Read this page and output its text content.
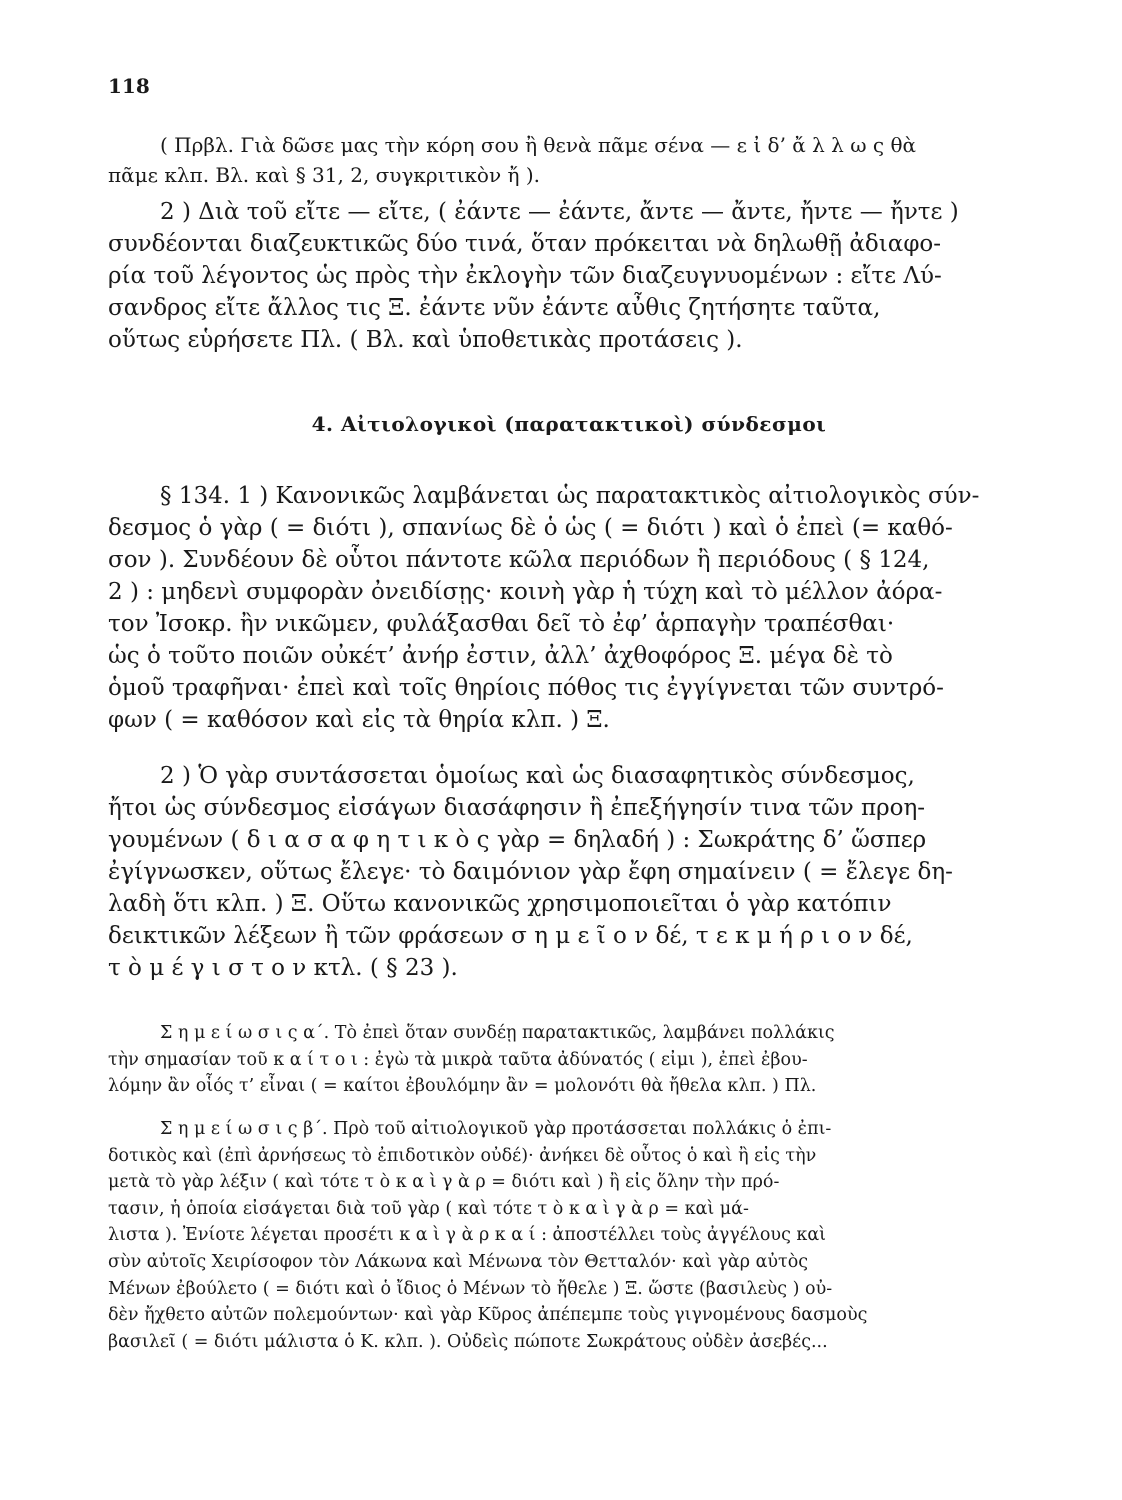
118
( Πρβλ. Γιὰ δῶσε μας τὴν κόρη σου ἢ θενὰ πᾶμε σένα — ε ἰ δ’ ἄ λ λ ω ς θὰ
πᾶμε κλπ. Βλ. καὶ § 31, 2, συγκριτικὸν ἤ ).
2 ) Διὰ τοῦ εἴτε — εἴτε, ( ἐάντε — ἐάντε, ἄντε — ἄντε, ἤντε — ἤντε )
συνδέονται διαζευκτικῶς δύο τινά, ὅταν πρόκειται νὰ δηλωθῇ ἀδιαφο-
ρία τοῦ λέγοντος ὡς πρὸς τὴν ἐκλογὴν τῶν διαζευγνυομένων : εἴτε Λύ-
σανδρος εἴτε ἄλλος τις Ξ. ἐάντε νῦν ἐάντε αὖθις ζητήσητε ταῦτα,
οὕτως εὑρήσετε Πλ. ( Βλ. καὶ ὑποθετικὰς προτάσεις ).
4. Αἰτιολογικοὶ (παρατακτικοὶ) σύνδεσμοι
§ 134. 1 ) Κανονικῶς λαμβάνεται ὡς παρατακτικὸς αἰτιολογικὸς σύν-
δεσμος ὁ γὰρ ( = διότι ), σπανίως δὲ ὁ ὡς ( = διότι ) καὶ ὁ ἐπεὶ (= καθό-
σον ). Συνδέουν δὲ οὗτοι πάντοτε κῶλα περιόδων ἢ περιόδους ( § 124,
2 ) : μηδενὶ συμφορὰν ὀνειδίσῃς· κοινὴ γὰρ ἡ τύχη καὶ τὸ μέλλον ἀόρα-
τον Ἰσοκρ. ἢν νικῶμεν, φυλάξασθαι δεῖ τὸ ἐφ’ ἁρπαγὴν τραπέσθαι·
ὡς ὁ τοῦτο ποιῶν οὐκέτ’ ἀνήρ ἐστιν, ἀλλ’ ἀχθοφόρος Ξ. μέγα δὲ τὸ
ὁμοῦ τραφῆναι· ἐπεὶ καὶ τοῖς θηρίοις πόθος τις ἐγγίγνεται τῶν συντρό-
φων ( = καθόσον καὶ εἰς τὰ θηρία κλπ. ) Ξ.
2 ) Ὁ γὰρ συντάσσεται ὁμοίως καὶ ὡς διασαφητικὸς σύνδεσμος,
ἤτοι ὡς σύνδεσμος εἰσάγων διασάφησιν ἢ ἐπεξήγησίν τινα τῶν προη-
γουμένων ( δ ι α σ α φ η τ ι κ ὸ ς γὰρ = δηλαδή ) : Σωκράτης δ’ ὥσπερ
ἐγίγνωσκεν, οὕτως ἔλεγε· τὸ δαιμόνιον γὰρ ἔφη σημαίνειν ( = ἔλεγε δη-
λαδὴ ὅτι κλπ. ) Ξ. Οὕτω κανονικῶς χρησιμοποιεῖται ὁ γὰρ κατόπιν
δεικτικῶν λέξεων ἢ τῶν φράσεων σ η μ ε ῖ ο ν δέ, τ ε κ μ ή ρ ι ο ν δέ,
τ ὸ μ έ γ ι σ τ ο ν κτλ. ( § 23 ).
Σ η μ ε ί ω σ ι ς α΄. Τὸ ἐπεὶ ὅταν συνδέῃ παρατακτικῶς, λαμβάνει πολλάκις
τὴν σημασίαν τοῦ κ α ί τ ο ι : ἐγὼ τὰ μικρὰ ταῦτα ἀδύνατός ( εἰμι ), ἐπεὶ ἐβου-
λόμην ἂν οἷός τ’ εἶναι ( = καίτοι ἐβουλόμην ἂν = μολονότι θὰ ἤθελα κλπ. ) Πλ.
Σ η μ ε ί ω σ ι ς β΄. Πρὸ τοῦ αἰτιολογικοῦ γὰρ προτάσσεται πολλάκις ὁ ἐπι-
δοτικὸς καὶ (ἐπὶ ἀρνήσεως τὸ ἐπιδοτικὸν οὐδέ)· ἀνήκει δὲ οὗτος ὁ καὶ ἢ εἰς τὴν
μετὰ τὸ γὰρ λέξιν ( καὶ τότε τ ὸ κ α ὶ γ ὰ ρ = διότι καὶ ) ἢ εἰς ὅλην τὴν πρό-
τασιν, ἡ ὁποία εἰσάγεται διὰ τοῦ γὰρ ( καὶ τότε τ ὸ κ α ὶ γ ὰ ρ = καὶ μά-
λιστα ). Ἐνίοτε λέγεται προσέτι κ α ὶ γ ὰ ρ κ α ί : ἀποστέλλει τοὺς ἀγγέλους καὶ
σὺν αὐτοῖς Χειρίσοφον τὸν Λάκωνα καὶ Μένωνα τὸν Θετταλόν· καὶ γὰρ αὐτὸς
Μένων ἐβούλετο ( = διότι καὶ ὁ ἴδιος ὁ Μένων τὸ ἤθελε ) Ξ. ὥστε (βασιλεὺς ) οὐ-
δὲν ἤχθετο αὐτῶν πολεμούντων· καὶ γὰρ Κῦρος ἀπέπεμπε τοὺς γιγνομένους δασμοὺς
βασιλεῖ ( = διότι μάλιστα ὁ Κ. κλπ. ). Οὐδεὶς πώποτε Σωκράτους οὐδὲν ἀσεβές...
